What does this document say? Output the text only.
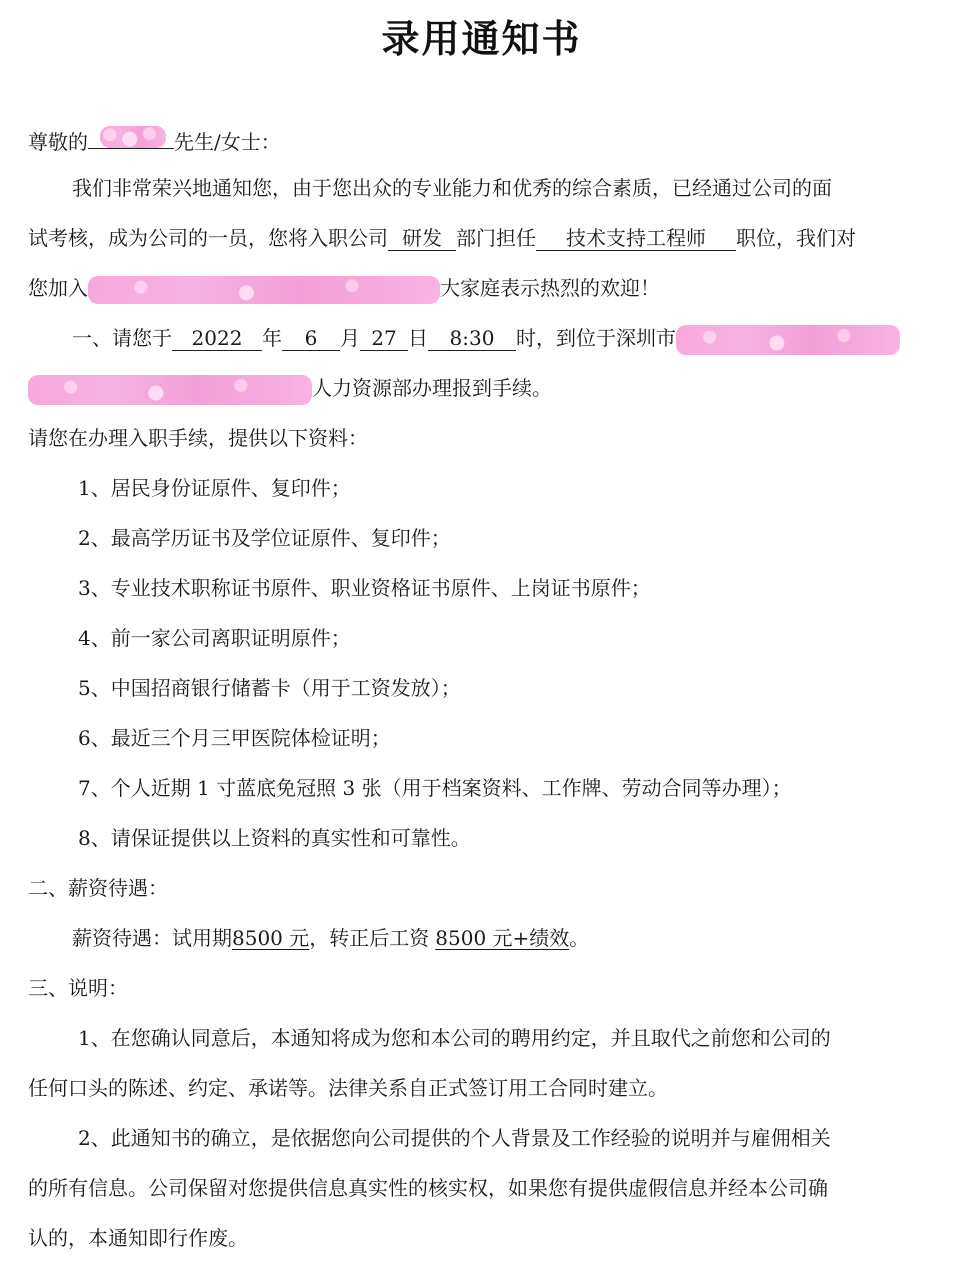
录用通知书
尊敬的	先生/女士：
我们非常荣兴地通知您，由于您出众的专业能力和优秀的综合素质，已经通过公司的面
试考核，成为公司的一员，您将入职公司 研发 部门担任 技术支持工程师 职位，我们对
您加入	大家庭表示热烈的欢迎！
一、请您于 2022 年 6 月 27 日 8:30 时，到位于深圳市
人力资源部办理报到手续。
请您在办理入职手续，提供以下资料：
1、居民身份证原件、复印件；
2、最高学历证书及学位证原件、复印件；
3、专业技术职称证书原件、职业资格证书原件、上岗证书原件；
4、前一家公司离职证明原件；
5、中国招商银行储蓄卡（用于工资发放）；
6、最近三个月三甲医院体检证明；
7、个人近期 1 寸蓝底免冠照 3 张（用于档案资料、工作牌、劳动合同等办理）；
8、请保证提供以上资料的真实性和可靠性。
二、薪资待遇：
薪资待遇：试用期8500 元，转正后工资 8500 元+绩效。
三、说明：
1、在您确认同意后，本通知将成为您和本公司的聘用约定，并且取代之前您和公司的
任何口头的陈述、约定、承诺等。法律关系自正式签订用工合同时建立。
2、此通知书的确立，是依据您向公司提供的个人背景及工作经验的说明并与雇佣相关
的所有信息。公司保留对您提供信息真实性的核实权，如果您有提供虚假信息并经本公司确
认的，本通知即行作废。
